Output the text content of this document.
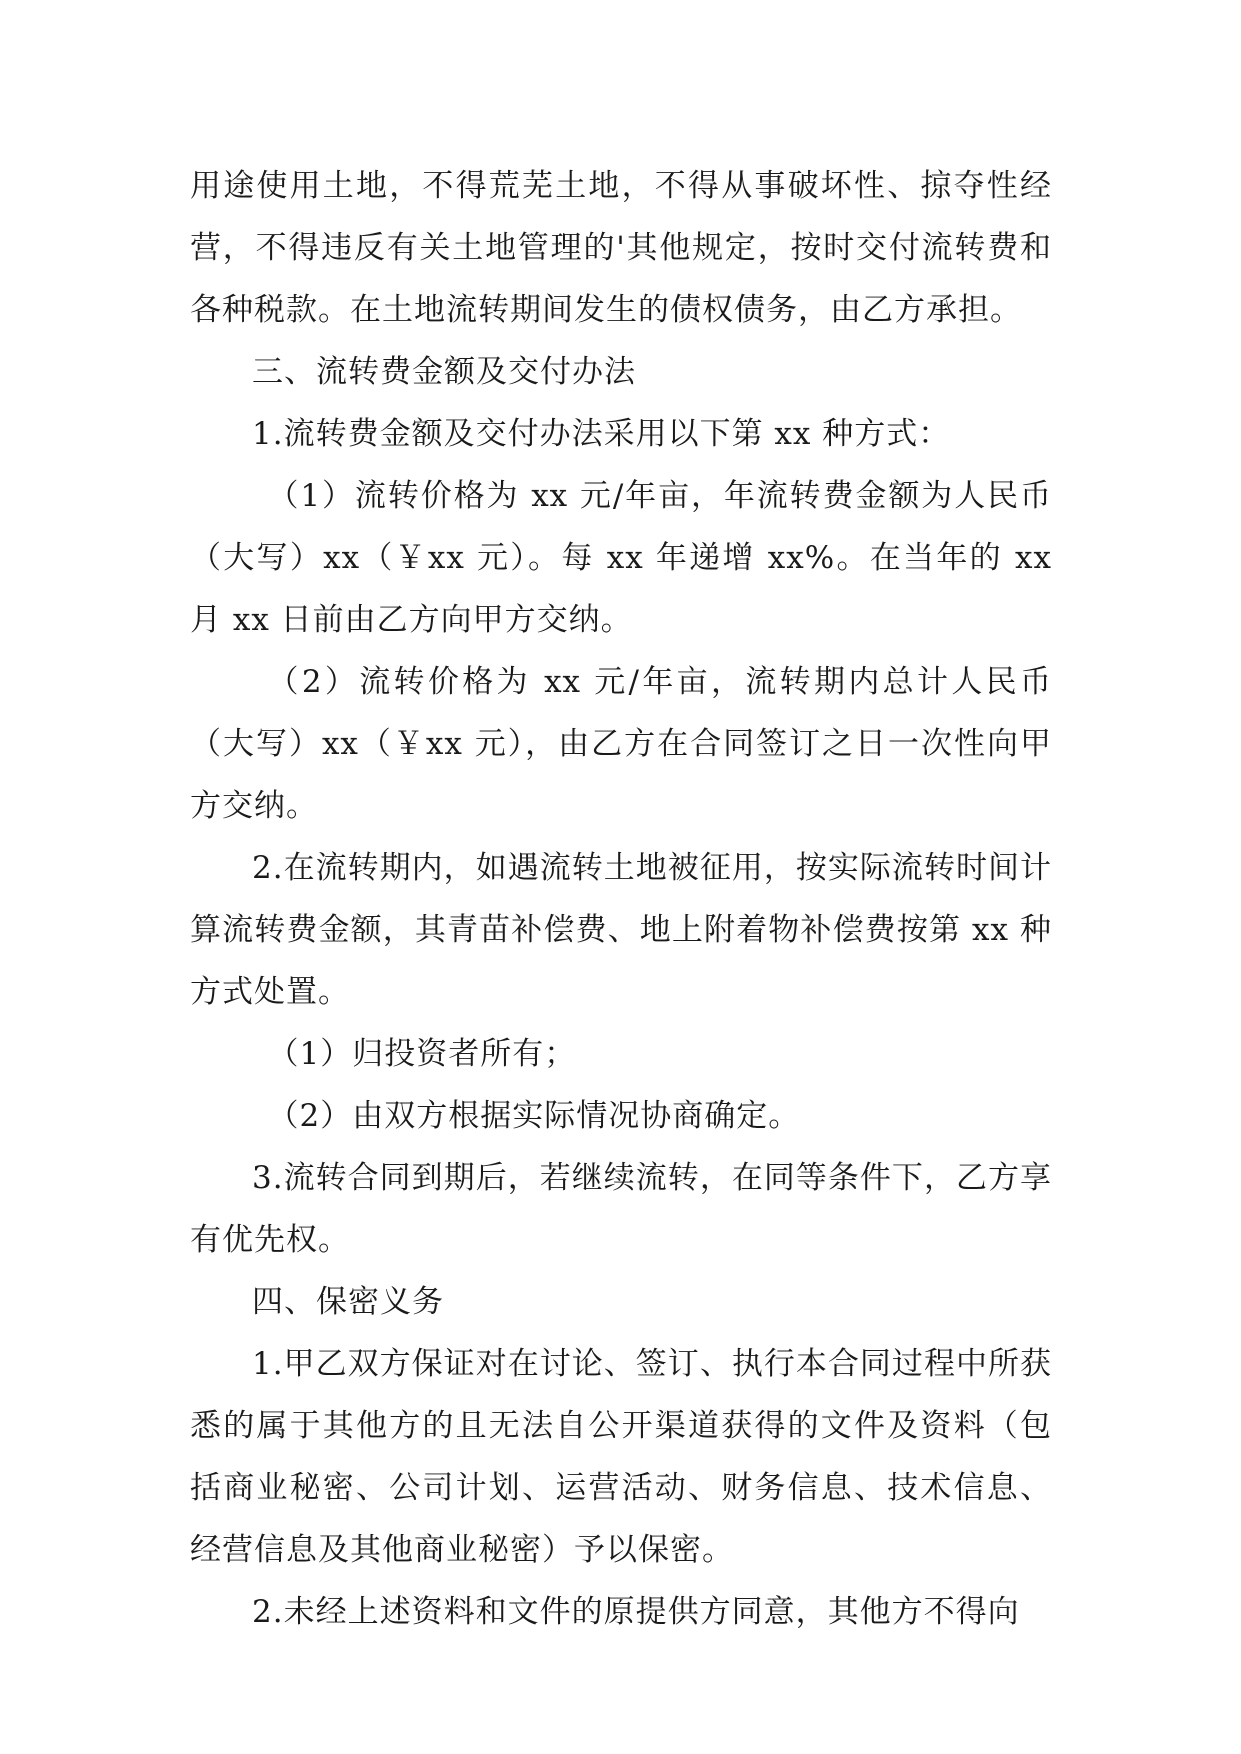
用途使用土地，不得荒芜土地，不得从事破坏性、掠夺性经营，不得违反有关土地管理的'其他规定，按时交付流转费和各种税款。在土地流转期间发生的债权债务，由乙方承担。

三、流转费金额及交付办法

1.流转费金额及交付办法采用以下第 xx 种方式：

（1）流转价格为 xx 元/年亩，年流转费金额为人民币（大写）xx（￥xx 元）。每 xx 年递增 xx%。在当年的 xx 月 xx 日前由乙方向甲方交纳。

（2）流转价格为 xx 元/年亩，流转期内总计人民币（大写）xx（￥xx 元），由乙方在合同签订之日一次性向甲方交纳。

2.在流转期内，如遇流转土地被征用，按实际流转时间计算流转费金额，其青苗补偿费、地上附着物补偿费按第 xx 种方式处置。

（1）归投资者所有；

（2）由双方根据实际情况协商确定。

3.流转合同到期后，若继续流转，在同等条件下，乙方享有优先权。

四、保密义务

1.甲乙双方保证对在讨论、签订、执行本合同过程中所获悉的属于其他方的且无法自公开渠道获得的文件及资料（包括商业秘密、公司计划、运营活动、财务信息、技术信息、经营信息及其他商业秘密）予以保密。

2.未经上述资料和文件的原提供方同意，其他方不得向
